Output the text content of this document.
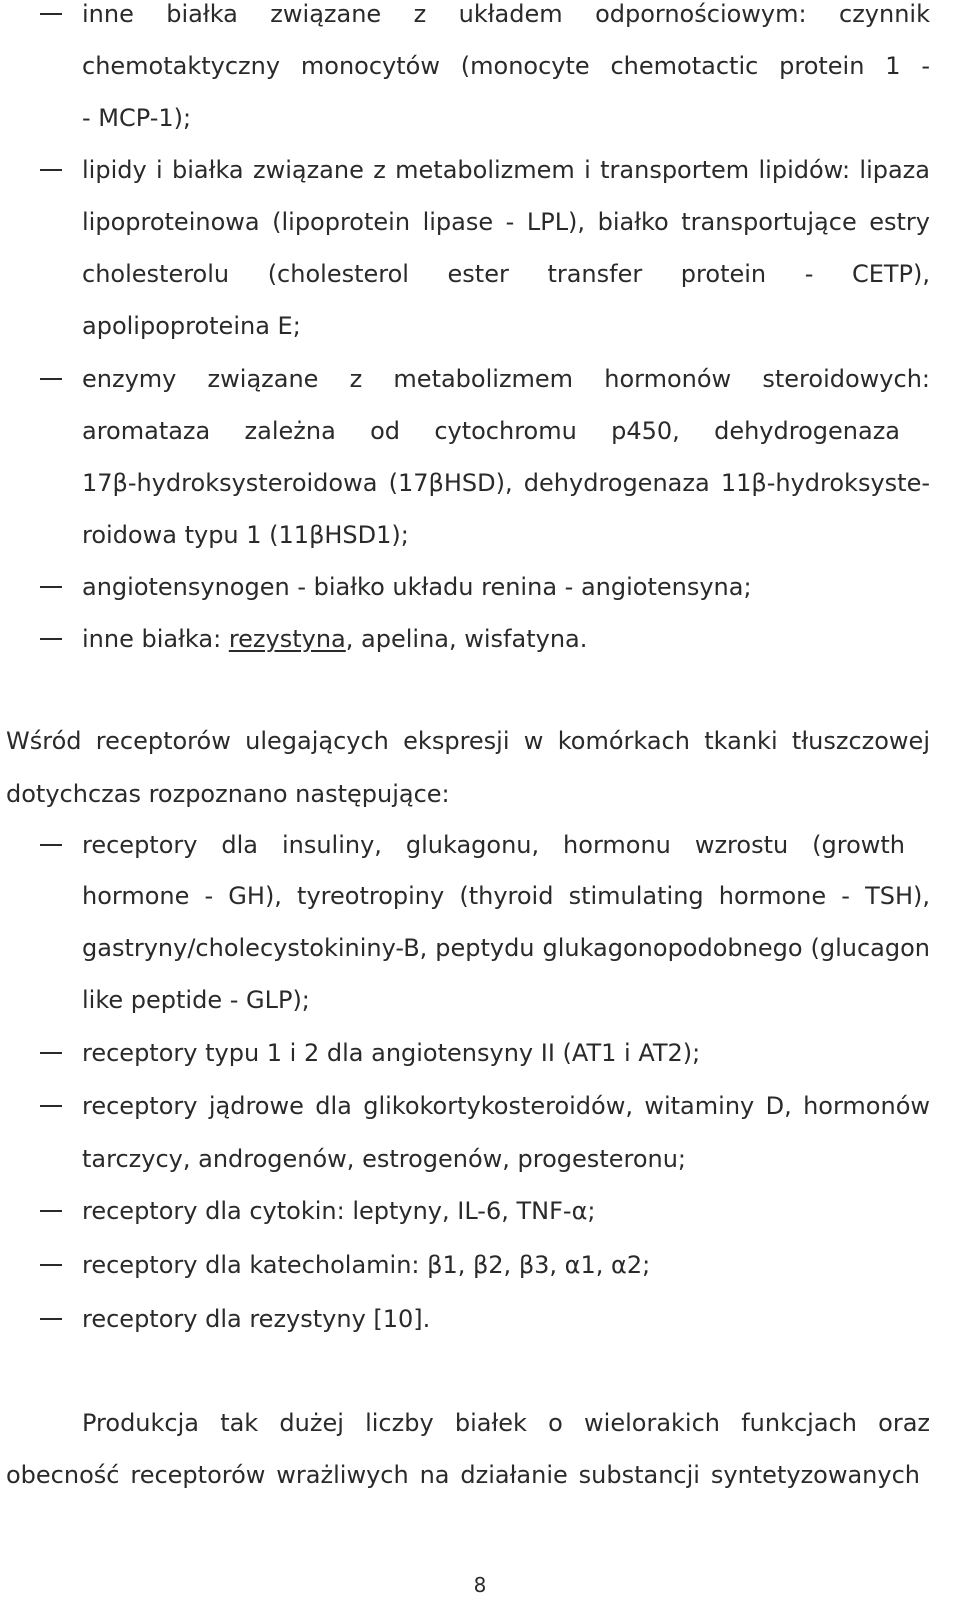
inne białka związane z układem odpornościowym: czynnik
chemotaktyczny monocytów (monocyte chemotactic protein 1 -
- MCP-1);
lipidy i białka związane z metabolizmem i transportem lipidów: lipaza
lipoproteinowa (lipoprotein lipase - LPL), białko transportujące estry
cholesterolu (cholesterol ester transfer protein - CETP),
apolipoproteina E;
enzymy związane z metabolizmem hormonów steroidowych:
aromataza zależna od cytochromu p450, dehydrogenaza
17β-hydroksysteroidowa (17βHSD), dehydrogenaza 11β-hydroksyste-
roidowa typu 1 (11βHSD1);
angiotensynogen - białko układu renina - angiotensyna;
inne białka: rezystyna, apelina, wisfatyna.
Wśród receptorów ulegających ekspresji w komórkach tkanki tłuszczowej
dotychczas rozpoznano następujące:
receptory dla insuliny, glukagonu, hormonu wzrostu (growth
hormone - GH), tyreotropiny (thyroid stimulating hormone - TSH),
gastryny/cholecystokininy-B, peptydu glukagonopodobnego (glucagon
like peptide - GLP);
receptory typu 1 i 2 dla angiotensyny II (AT1 i AT2);
receptory jądrowe dla glikokortykosteroidów, witaminy D, hormonów
tarczycy, androgenów, estrogenów, progesteronu;
receptory dla cytokin: leptyny, IL-6, TNF-α;
receptory dla katecholamin: β1, β2, β3, α1, α2;
receptory dla rezystyny [10].
Produkcja tak dużej liczby białek o wielorakich funkcjach oraz
obecność receptorów wrażliwych na działanie substancji syntetyzowanych
8
